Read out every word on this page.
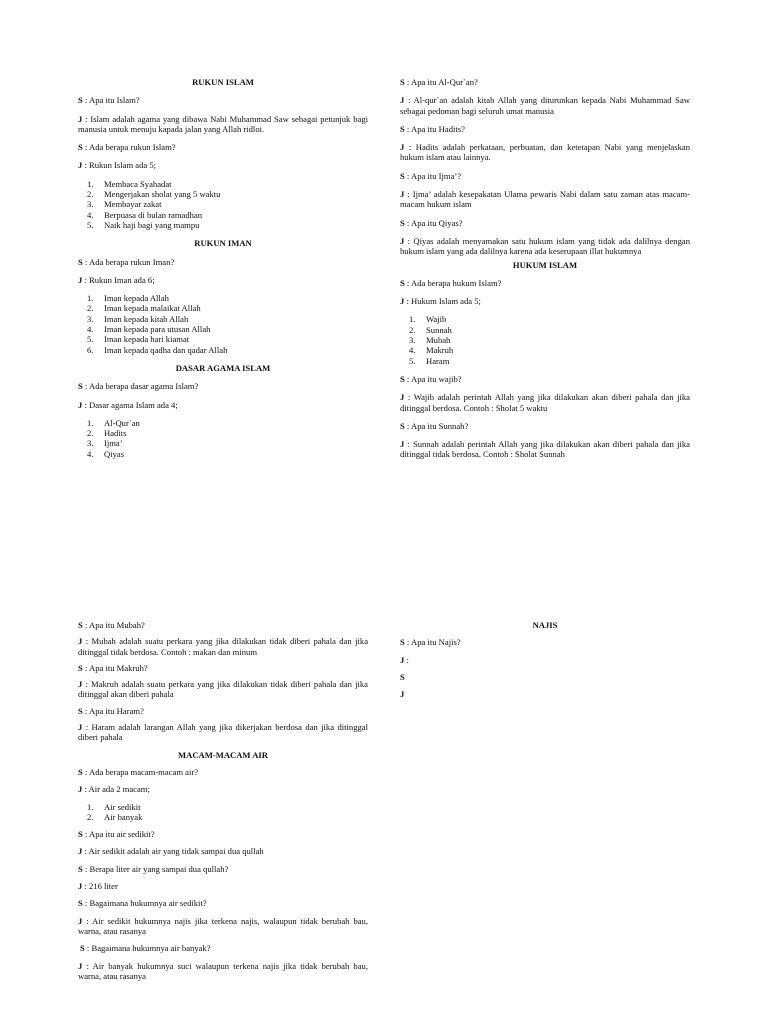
RUKUN ISLAM

S : Apa itu Islam?

J : Islam adalah agama yang dibawa Nabi Muhammad Saw sebagai petunjuk bagi manusia untuk menuju kapada jalan yang Allah ridloi.

S : Ada berapa rukun Islam?

J : Rukun Islam ada 5;

1.	Membaca Syahadat
2.	Mengerjakan sholat yang 5 waktu
3.	Membayar zakat
4.	Berpuasa di bulan ramadhan
5.	Naik haji bagi yang mampu

RUKUN IMAN

S : Ada berapa rukun Iman?

J : Rukun Iman ada 6;

1.	Iman kepada Allah
2.	Iman kepada malaikat Allah
3.	Iman kepada kitab Allah
4.	Iman kepada para utusan Allah
5.	Iman kepada hari kiamat
6.	Iman kepada qadha dan qadar Allah

DASAR AGAMA ISLAM

S : Ada berapa dasar agama Islam?

J : Dasar agama Islam ada 4;

1.	Al-Qur`an
2.	Hadits
3.	Ijma’
4.	Qiyas

S : Apa itu Al-Qur`an?

J : Al-qur`an adalah kitab Allah yang diturunkan kepada Nabi Muhammad Saw sebagai pedoman bagi seluruh umat manusia

S : Apa itu Hadits?

J : Hadits adalah perkataan, perbuatan, dan ketetapan Nabi yang menjelaskan hukum islam atau lainnya.

S : Apa itu Ijma’?

J : Ijma’ adalah kesepakatan Ulama pewaris Nabi dalam satu zaman atas macam-macam hukum islam

S : Apa itu Qiyas?

J : Qiyas adalah menyamakan satu hukum islam yang tidak ada dalilnya dengan hukum islam yang ada dalilnya karena ada keserupaan illat hukumnya

HUKUM ISLAM

S : Ada berapa hukum Islam?

J : Hukum Islam ada 5;

1.	Wajib
2.	Sunnah
3.	Mubah
4.	Makruh
5.	Haram

S : Apa itu wajib?

J : Wajib adalah perintah Allah yang jika dilakukan akan diberi pahala dan jika ditinggal berdosa. Contoh : Sholat 5 waktu

S : Apa itu Sunnah?

J : Sunnah adalah perintah Allah yang jika dilakukan akan diberi pahala dan jika ditinggal tidak berdosa. Contoh : Sholat Sunnah

S : Apa itu Mubah?

J : Mubah adalah suatu perkara yang jika dilakukan tidak diberi pahala dan jika ditinggal tidak berdosa. Contoh : makan dan minum

S : Apa itu Makruh?

J : Makruh adalah suatu perkara yang jika dilakukan tidak diberi pahala dan jika ditinggal akan diberi pahala

S : Apa itu Haram?

J : Haram adalah larangan Allah yang jika dikerjakan berdosa dan jika ditinggal diberi pahala

MACAM-MACAM AIR

S : Ada berapa macam-macam air?

J : Air ada 2 macam;

1.	Air sedikit
2.	Air banyak

S : Apa itu air sedikit?

J : Air sedikit adalah air yang tidak sampai dua qullah

S : Berapa liter air yang sampai dua qullah?

J : 216 liter

S : Bagaimana hukumnya air sedikit?

J : Air sedikit hukumnya najis jika terkena najis, walaupun tidak berubah bau, warna, atau rasanya

S : Bagaimana hukumnya air banyak?

J : Air banyak hukumnya suci walaupun terkena najis jika tidak berubah bau, warna, atau rasanya

NAJIS

S : Apa itu Najis?

J :

S

J
